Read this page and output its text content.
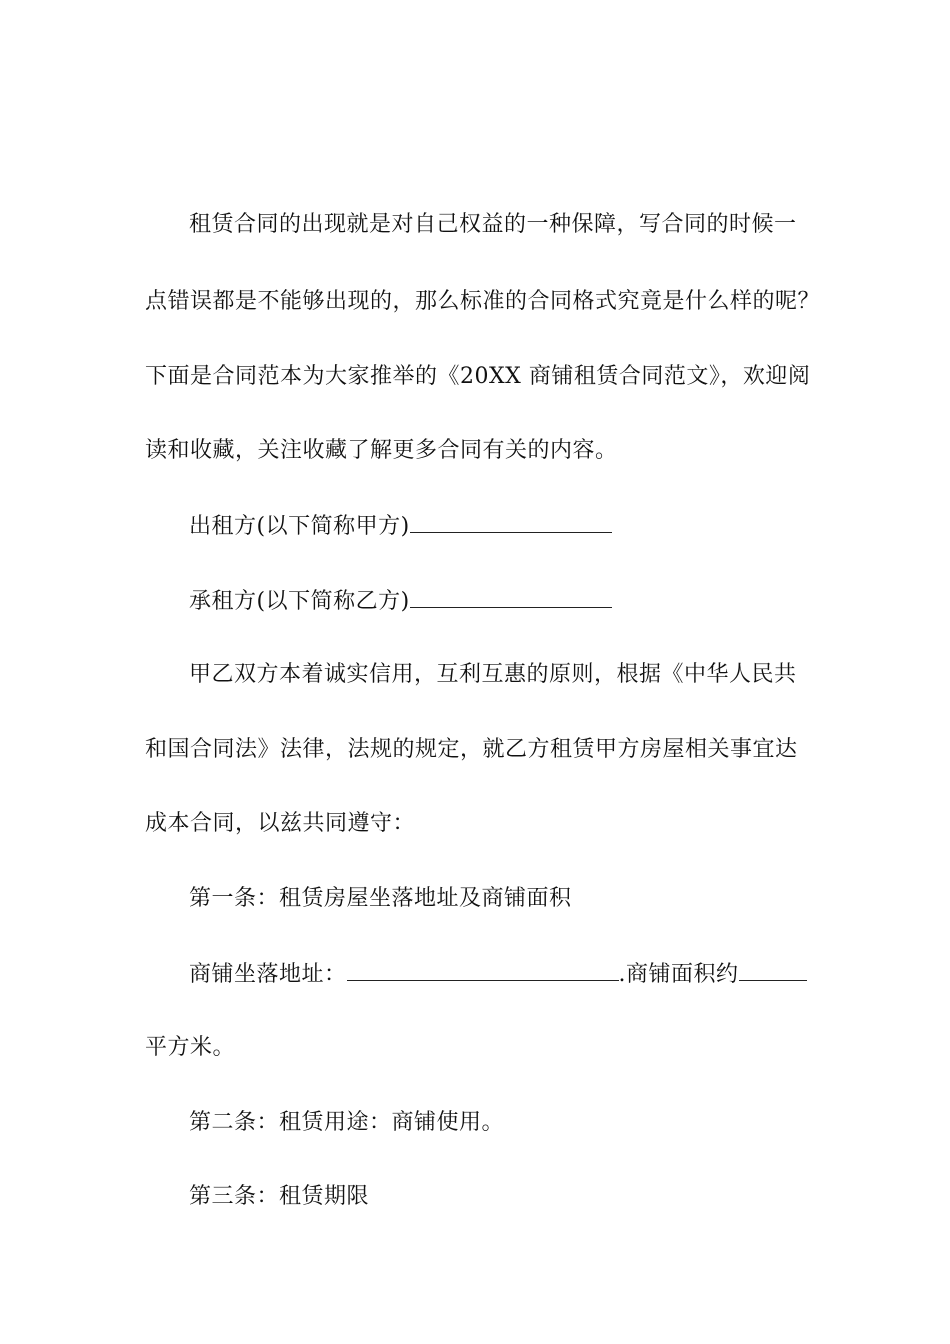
租赁合同的出现就是对自己权益的一种保障，写合同的时候一
点错误都是不能够出现的，那么标准的合同格式究竟是什么样的呢？
下面是合同范本为大家推举的《20XX 商铺租赁合同范文》，欢迎阅
读和收藏，关注收藏了解更多合同有关的内容。
出租方(以下简称甲方)
承租方(以下简称乙方)
甲乙双方本着诚实信用，互利互惠的原则，根据《中华人民共
和国合同法》法律，法规的规定，就乙方租赁甲方房屋相关事宜达
成本合同，以兹共同遵守：
第一条：租赁房屋坐落地址及商铺面积
商铺坐落地址：	.商铺面积约
平方米。
第二条：租赁用途：商铺使用。
第三条：租赁期限
